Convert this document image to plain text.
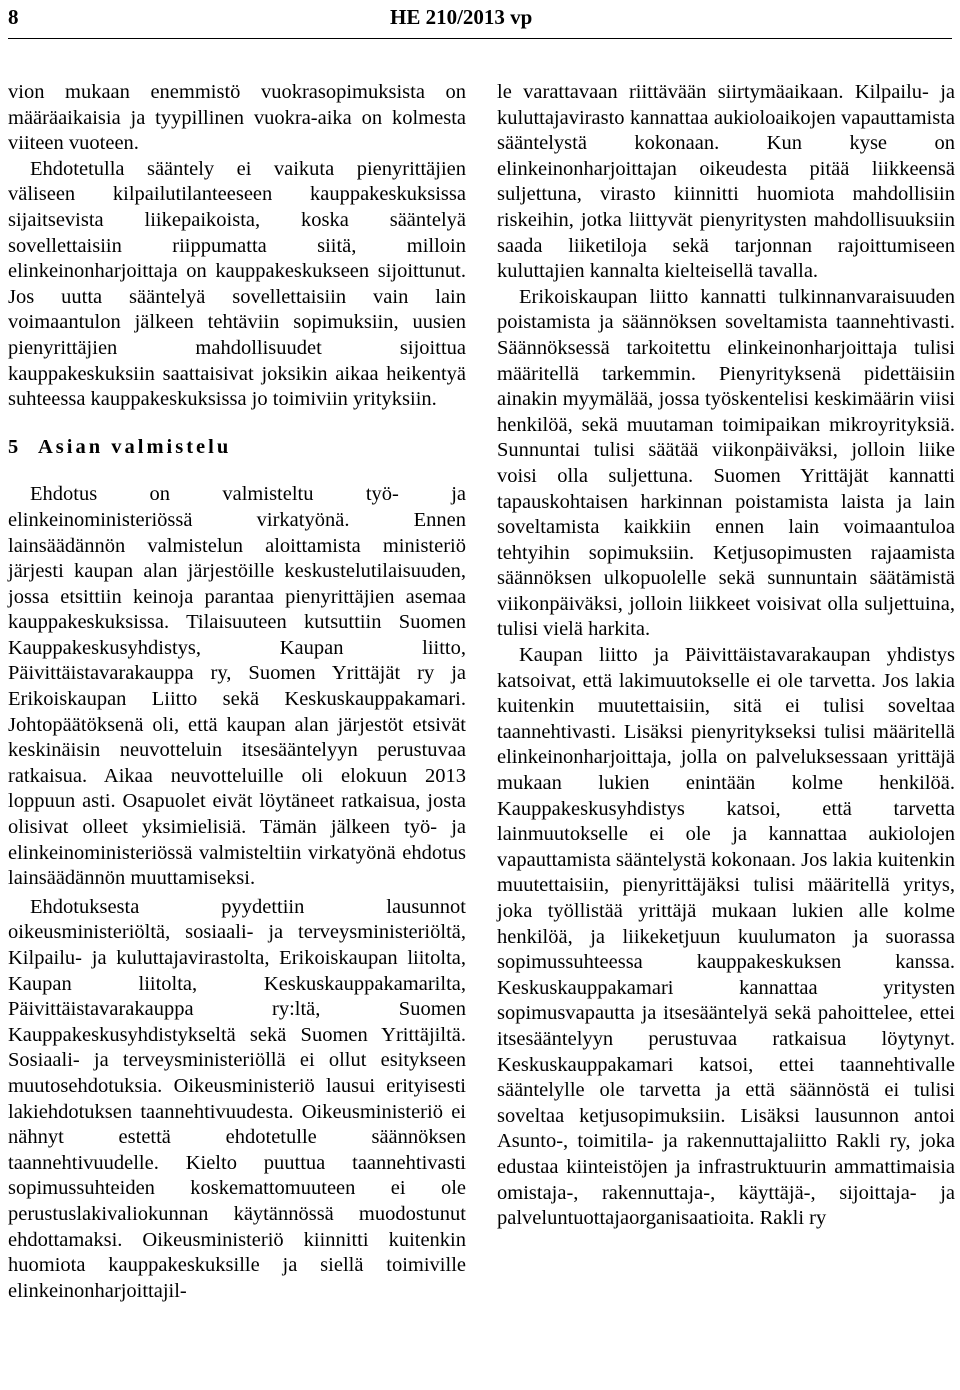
8	HE 210/2013 vp

vion mukaan enemmistö vuokrasopimuksista on määräaikaisia ja tyypillinen vuokra-aika on kolmesta viiteen vuoteen.

Ehdotetulla sääntely ei vaikuta pienyrittäjien väliseen kilpailutilanteeseen kauppakeskuksissa sijaitsevista liikepaikoista, koska sääntelyä sovellettaisiin riippumatta siitä, milloin elinkeinonharjoittaja on kauppakeskukseen sijoittunut. Jos uutta sääntelyä sovellettaisiin vain lain voimaantulon jälkeen tehtäviin sopimuksiin, uusien pienyrittäjien mahdollisuudet sijoittua kauppakeskuksiin saattaisivat joksikin aikaa heikentyä suhteessa kauppakeskuksissa jo toimiviin yrityksiin.

5 Asian valmistelu

Ehdotus on valmisteltu työ- ja elinkeinoministeriössä virkatyönä. Ennen lainsäädännön valmistelun aloittamista ministeriö järjesti kaupan alan järjestöille keskustelutilaisuuden, jossa etsittiin keinoja parantaa pienyrittäjien asemaa kauppakeskuksissa. Tilaisuuteen kutsuttiin Suomen Kauppakeskusyhdistys, Kaupan liitto, Päivittäistavarakauppa ry, Suomen Yrittäjät ry ja Erikoiskaupan Liitto sekä Keskuskauppakamari. Johtopäätöksenä oli, että kaupan alan järjestöt etsivät keskinäisin neuvotteluin itsesääntelyyn perustuvaa ratkaisua. Aikaa neuvotteluille oli elokuun 2013 loppuun asti. Osapuolet eivät löytäneet ratkaisua, josta olisivat olleet yksimielisiä. Tämän jälkeen työ- ja elinkeinoministeriössä valmisteltiin virkatyönä ehdotus lainsäädännön muuttamiseksi.

Ehdotuksesta pyydettiin lausunnot oikeusministeriöltä, sosiaali- ja terveysministeriöltä, Kilpailu- ja kuluttajavirastolta, Erikoiskaupan liitolta, Kaupan liitolta, Keskuskauppakamarilta, Päivittäistavarakauppa ry:ltä, Suomen Kauppakeskusyhdistykseltä sekä Suomen Yrittäjiltä. Sosiaali- ja terveysministeriöllä ei ollut esitykseen muutosehdotuksia. Oikeusministeriö lausui erityisesti lakiehdotuksen taannehtivuudesta. Oikeusministeriö ei nähnyt estettä ehdotetulle säännöksen taannehtivuudelle. Kielto puuttua taannehtivasti sopimussuhteiden koskemattomuuteen ei ole perustuslakivaliokunnan käytännössä muodostunut ehdottamaksi. Oikeusministeriö kiinnitti kuitenkin huomiota kauppakeskuksille ja siellä toimiville elinkeinonharjoittajil-

le varattavaan riittävään siirtymäaikaan. Kilpailu- ja kuluttajavirasto kannattaa aukioloaikojen vapauttamista sääntelystä kokonaan. Kun kyse on elinkeinonharjoittajan oikeudesta pitää liikkeensä suljettuna, virasto kiinnitti huomiota mahdollisiin riskeihin, jotka liittyvät pienyritysten mahdollisuuksiin saada liiketiloja sekä tarjonnan rajoittumiseen kuluttajien kannalta kielteisellä tavalla.

Erikoiskaupan liitto kannatti tulkinnanvaraisuuden poistamista ja säännöksen soveltamista taannehtivasti. Säännöksessä tarkoitettu elinkeinonharjoittaja tulisi määritellä tarkemmin. Pienyrityksenä pidettäisiin ainakin myymälää, jossa työskentelisi keskimäärin viisi henkilöä, sekä muutaman toimipaikan mikroyrityksiä. Sunnuntai tulisi säätää viikonpäiväksi, jolloin liike voisi olla suljettuna. Suomen Yrittäjät kannatti tapauskohtaisen harkinnan poistamista laista ja lain soveltamista kaikkiin ennen lain voimaantuloa tehtyihin sopimuksiin. Ketjusopimusten rajaamista säännöksen ulkopuolelle sekä sunnuntain säätämistä viikonpäiväksi, jolloin liikkeet voisivat olla suljettuina, tulisi vielä harkita.

Kaupan liitto ja Päivittäistavarakaupan yhdistys katsoivat, että lakimuutokselle ei ole tarvetta. Jos lakia kuitenkin muutettaisiin, sitä ei tulisi soveltaa taannehtivasti. Lisäksi pienyritykseksi tulisi määritellä elinkeinonharjoittaja, jolla on palveluksessaan yrittäjä mukaan lukien enintään kolme henkilöä. Kauppakeskusyhdistys katsoi, että tarvetta lainmuutokselle ei ole ja kannattaa aukiolojen vapauttamista sääntelystä kokonaan. Jos lakia kuitenkin muutettaisiin, pienyrittäjäksi tulisi määritellä yritys, joka työllistää yrittäjä mukaan lukien alle kolme henkilöä, ja liikeketjuun kuulumaton ja suorassa sopimussuhteessa kauppakeskuksen kanssa. Keskuskauppakamari kannattaa yritysten sopimusvapautta ja itsesääntelyä sekä pahoittelee, ettei itsesääntelyyn perustuvaa ratkaisua löytynyt. Keskuskauppakamari katsoi, ettei taannehtivalle sääntelylle ole tarvetta ja että säännöstä ei tulisi soveltaa ketjusopimuksiin. Lisäksi lausunnon antoi Asunto-, toimitila- ja rakennuttajaliitto Rakli ry, joka edustaa kiinteistöjen ja infrastruktuurin ammattimaisia omistaja-, rakennuttaja-, käyttäjä-, sijoittaja- ja palveluntuottajaorganisaatioita. Rakli ry
